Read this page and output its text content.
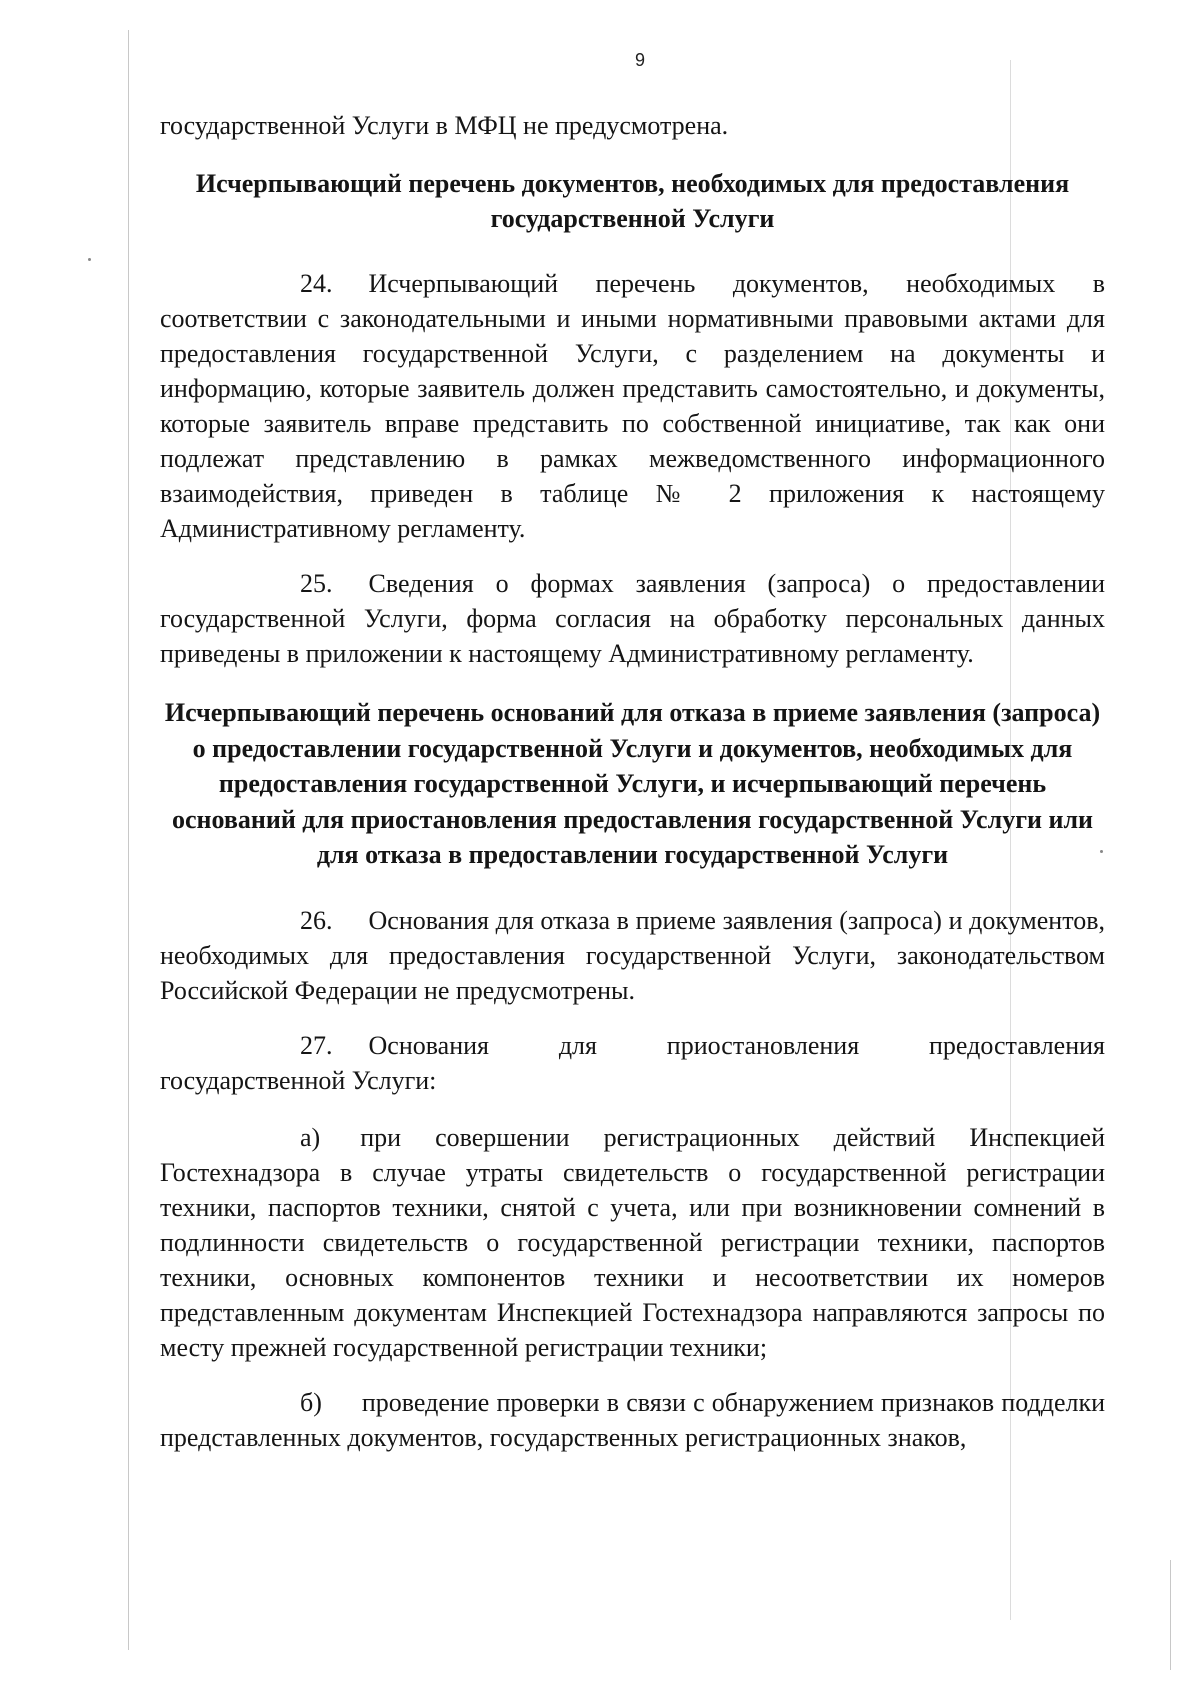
9

государственной Услуги в МФЦ не предусмотрена.

Исчерпывающий перечень документов, необходимых для предоставления государственной Услуги

24. Исчерпывающий перечень документов, необходимых в соответствии с законодательными и иными нормативными правовыми актами для предоставления государственной Услуги, с разделением на документы и информацию, которые заявитель должен представить самостоятельно, и документы, которые заявитель вправе представить по собственной инициативе, так как они подлежат представлению в рамках межведомственного информационного взаимодействия, приведен в таблице № 2 приложения к настоящему Административному регламенту.

25. Сведения о формах заявления (запроса) о предоставлении государственной Услуги, форма согласия на обработку персональных данных приведены в приложении к настоящему Административному регламенту.

Исчерпывающий перечень оснований для отказа в приеме заявления (запроса) о предоставлении государственной Услуги и документов, необходимых для предоставления государственной Услуги, и исчерпывающий перечень оснований для приостановления предоставления государственной Услуги или для отказа в предоставлении государственной Услуги

26. Основания для отказа в приеме заявления (запроса) и документов, необходимых для предоставления государственной Услуги, законодательством Российской Федерации не предусмотрены.

27. Основания для приостановления предоставления государственной Услуги:

а) при совершении регистрационных действий Инспекцией Гостехнадзора в случае утраты свидетельств о государственной регистрации техники, паспортов техники, снятой с учета, или при возникновении сомнений в подлинности свидетельств о государственной регистрации техники, паспортов техники, основных компонентов техники и несоответствии их номеров представленным документам Инспекцией Гостехнадзора направляются запросы по месту прежней государственной регистрации техники;

б) проведение проверки в связи с обнаружением признаков подделки представленных документов, государственных регистрационных знаков,
